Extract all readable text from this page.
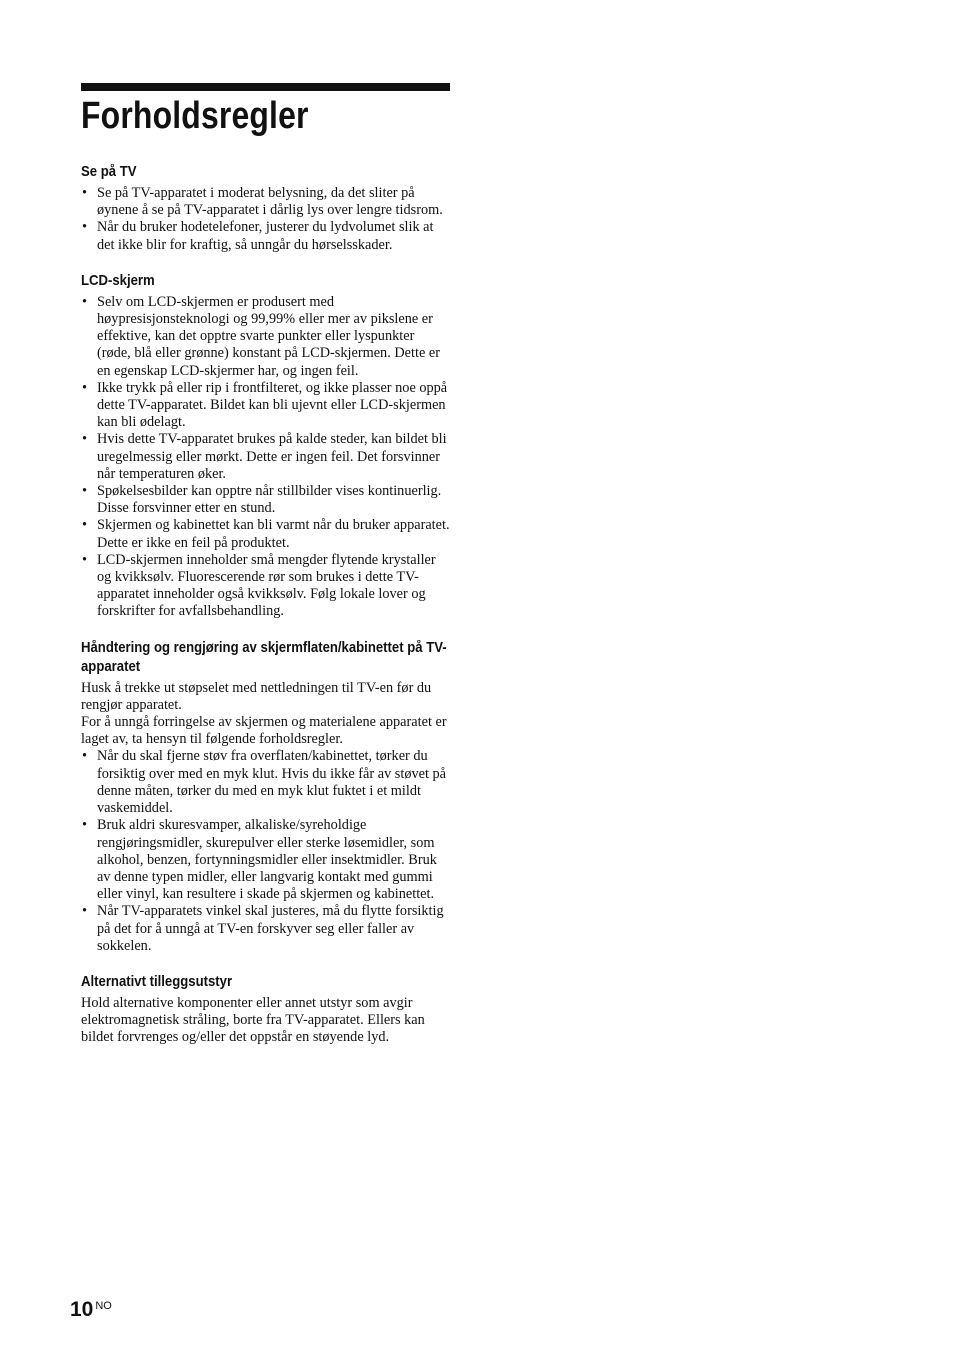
Forholdsregler
Se på TV
• Se på TV-apparatet i moderat belysning, da det sliter på øynene å se på TV-apparatet i dårlig lys over lengre tidsrom.
• Når du bruker hodetelefoner, justerer du lydvolumet slik at det ikke blir for kraftig, så unngår du hørselsskader.
LCD-skjerm
• Selv om LCD-skjermen er produsert med høypresisjonsteknologi og 99,99% eller mer av pikslene er effektive, kan det opptre svarte punkter eller lyspunkter (røde, blå eller grønne) konstant på LCD-skjermen. Dette er en egenskap LCD-skjermer har, og ingen feil.
• Ikke trykk på eller rip i frontfilteret, og ikke plasser noe oppå dette TV-apparatet. Bildet kan bli ujevnt eller LCD-skjermen kan bli ødelagt.
• Hvis dette TV-apparatet brukes på kalde steder, kan bildet bli uregelmessig eller mørkt. Dette er ingen feil. Det forsvinner når temperaturen øker.
• Spøkelsesbilder kan opptre når stillbilder vises kontinuerlig. Disse forsvinner etter en stund.
• Skjermen og kabinettet kan bli varmt når du bruker apparatet. Dette er ikke en feil på produktet.
• LCD-skjermen inneholder små mengder flytende krystaller og kvikksølv. Fluorescerende rør som brukes i dette TV-apparatet inneholder også kvikksølv. Følg lokale lover og forskrifter for avfallsbehandling.
Håndtering og rengjøring av skjermflaten/kabinettet på TV-apparatet

Husk å trekke ut støpselet med nettledningen til TV-en før du rengjør apparatet.

For å unngå forringelse av skjermen og materialene apparatet er laget av, ta hensyn til følgende forholdsregler.

• Når du skal fjerne støv fra overflaten/kabinettet, tørker du forsiktig over med en myk klut. Hvis du ikke får av støvet på denne måten, tørker du med en myk klut fuktet i et mildt vaskemiddel.
• Bruk aldri skuresvamper, alkaliske/syreholdige rengjøringsmidler, skurepulver eller sterke løsemidler, som alkohol, benzen, fortynningsmidler eller insektmidler. Bruk av denne typen midler, eller langvarig kontakt med gummi eller vinyl, kan resultere i skade på skjermen og kabinettet.
• Når TV-apparatets vinkel skal justeres, må du flytte forsiktig på det for å unngå at TV-en forskyver seg eller faller av sokkelen.
Alternativt tilleggsutstyr

Hold alternative komponenter eller annet utstyr som avgir elektromagnetisk stråling, borte fra TV-apparatet. Ellers kan bildet forvrenges og/eller det oppstår en støyende lyd.

10 $^{NO}$
